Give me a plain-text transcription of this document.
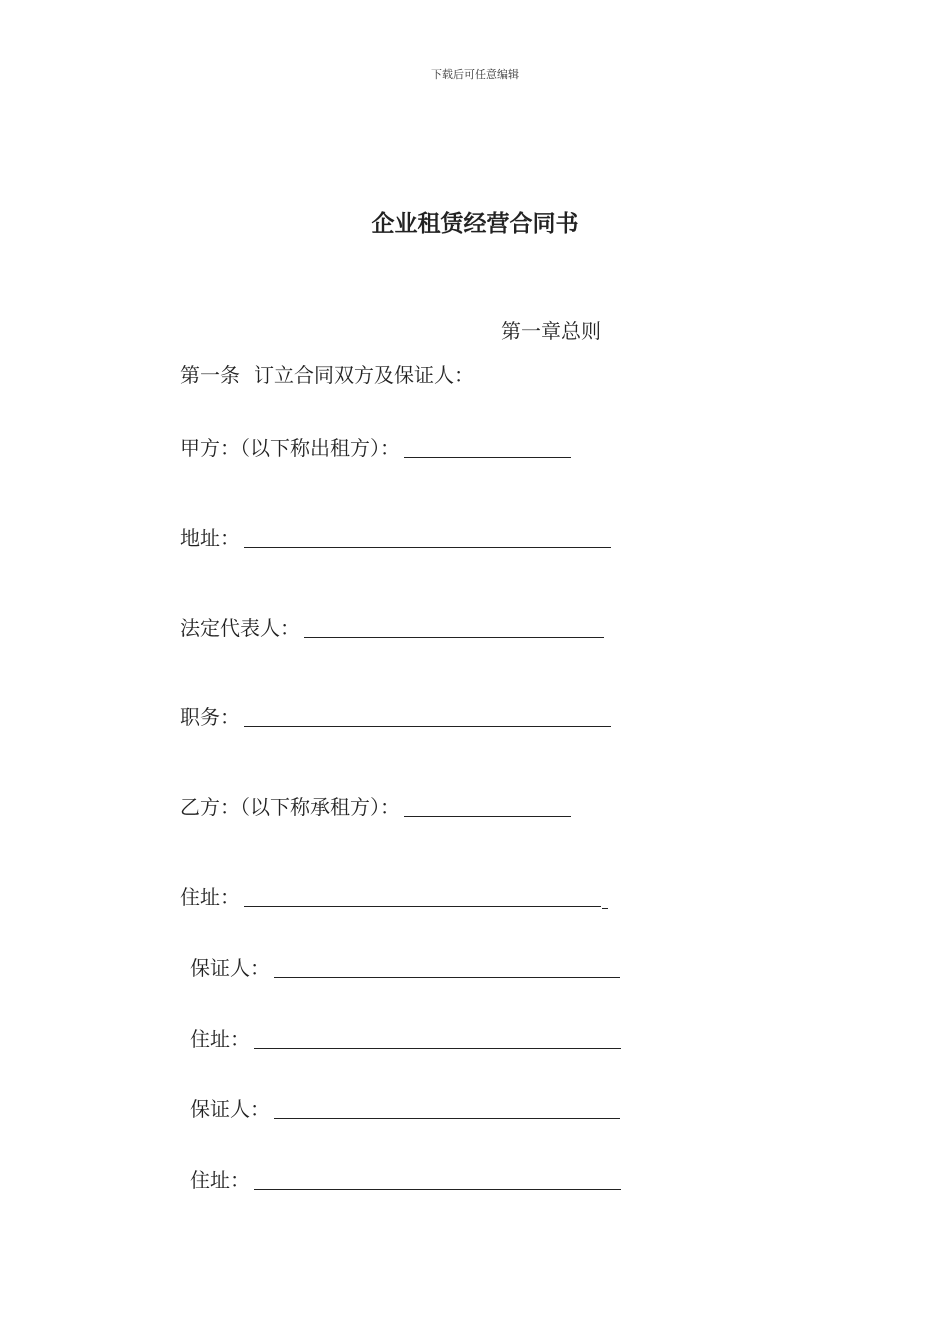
下载后可任意编辑
企业租赁经营合同书
第一章总则
第一条 订立合同双方及保证人：
甲方：（以下称出租方）：
地址：
法定代表人：
职务：
乙方：（以下称承租方）：
住址：
保证人：
住址：
保证人：
住址：
